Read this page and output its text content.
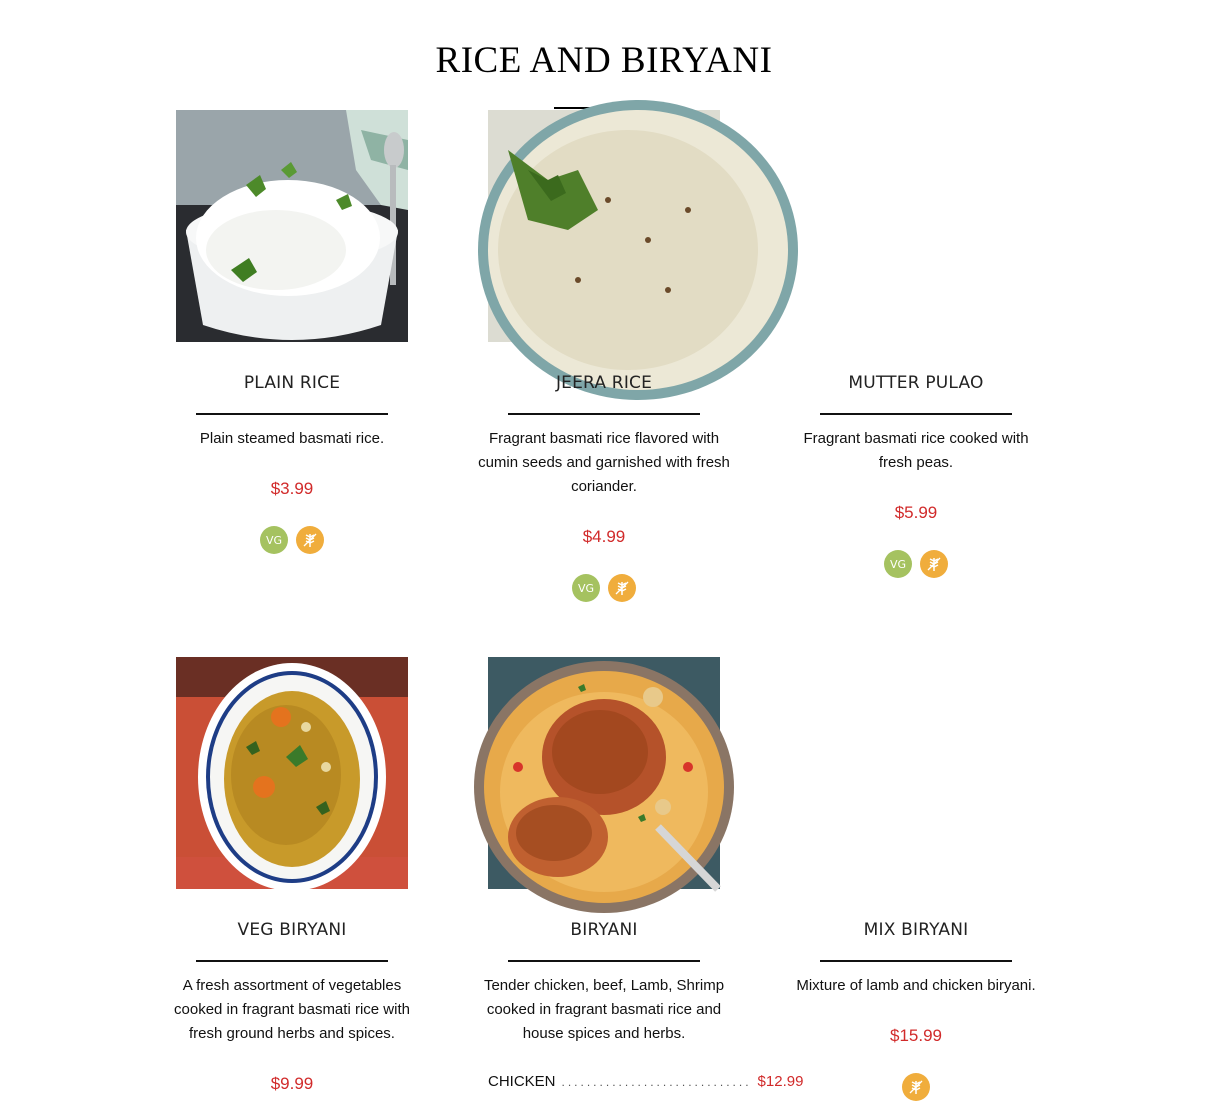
RICE AND BIRYANI
PLAIN RICE
Plain steamed basmati rice.
$3.99
VG
JEERA RICE
Fragrant basmati rice flavored with cumin seeds and garnished with fresh coriander.
$4.99
VG
MUTTER PULAO
Fragrant basmati rice cooked with fresh peas.
$5.99
VG
VEG BIRYANI
A fresh assortment of vegetables cooked in fragrant basmati rice with fresh ground herbs and spices.
$9.99
BIRYANI
Tender chicken, beef, Lamb, Shrimp cooked in fragrant basmati rice and house spices and herbs.
CHICKEN .............................. $12.99
MIX BIRYANI
Mixture of lamb and chicken biryani.
$15.99
